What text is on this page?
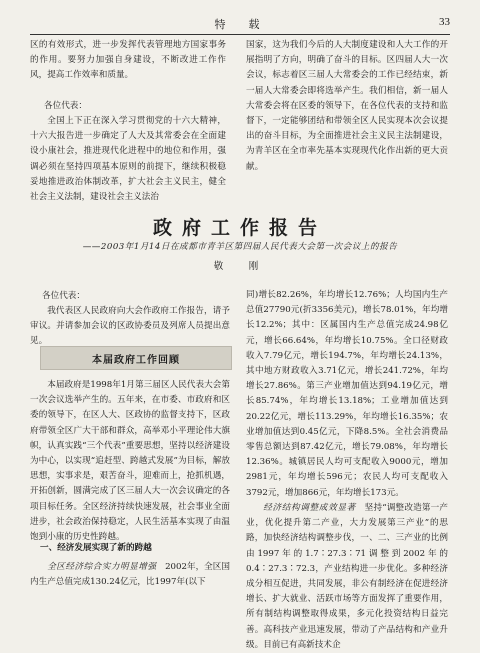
特　载	33

区的有效形式，进一步发挥代表管理地方国家事务的作用。要努力加强自身建设，不断改进工作作风，提高工作效率和质量。

各位代表：

全国上下正在深入学习贯彻党的十六大精神，十六大报告进一步确定了人大及其常委会在全面建设小康社会，推进现代化进程中的地位和作用，强调必须在坚持四项基本原则的前提下，继续积极稳妥地推进政治体制改革，扩大社会主义民主，健全社会主义法制，建设社会主义法治

国家，这为我们今后的人大制度建设和人大工作的开展指明了方向，明确了奋斗的目标。区四届人大一次会议，标志着区三届人大常委会的工作已经结束，新一届人大常委会即将选举产生。我们相信，新一届人大常委会将在区委的领导下，在各位代表的支持和监督下，一定能够团结和带领全区人民实现本次会议提出的奋斗目标，为全面推进社会主义民主法制建设，为青羊区在全市率先基本实现现代化作出新的更大贡献。

政府工作报告
——2003年1月14日在成都市青羊区第四届人民代表大会第一次会议上的报告
敬　刚
各位代表：

我代表区人民政府向大会作政府工作报告，请予审议。并请参加会议的区政协委员及列席人员提出意见。

本届政府工作回顾

本届政府是1998年1月第三届区人民代表大会第一次会议选举产生的。五年来，在市委、市政府和区委的领导下，在区人大、区政协的监督支持下，区政府带领全区广大干部和群众，高举邓小平理论伟大旗帜，认真实践“三个代表”重要思想，坚持以经济建设为中心，以实现“追赶型、跨越式发展”为目标，解放思想，实事求是，艰苦奋斗，迎难而上，抢抓机遇，开拓创新，圆满完成了区三届人大一次会议确定的各项目标任务。全区经济持续快速发展，社会事业全面进步，社会政治保持稳定，人民生活基本实现了由温饱到小康的历史性跨越。

一、经济发展实现了新的跨越

全区经济综合实力明显增强　 2002年，全区国内生产总值完成130.24亿元，比1997年(以下

同)增长82.26%，年均增长12.76%；人均国内生产总值27790元(折3356美元)，增长78.01%，年均增长12.2%；其中：区属国内生产总值完成24.98亿元，增长66.64%，年均增长10.75%。全口径财政收入7.79亿元，增长194.7%，年均增长24.13%，其中地方财政收入3.71亿元，增长241.72%，年均增长27.86%。第三产业增加值达到94.19亿元，增长85.74%，年均增长13.18%；工业增加值达到20.22亿元，增长113.29%，年均增长16.35%；农业增加值达到0.45亿元，下降8.5%。全社会消费品零售总额达到87.42亿元，增长79.08%，年均增长12.36%。城镇居民人均可支配收入9000元，增加2981元，年均增长596元；农民人均可支配收入3792元，增加866元，年均增长173元。

经济结构调整成效显著　 坚持“调整改造第一产业，优化提升第二产业，大力发展第三产业”的思路，加快经济结构调整步伐，一、二、三产业的比例由1997年的1.7∶27.3∶71调整到2002年的0.4∶27.3∶72.3，产业结构进一步优化。多种经济成分相互促进，共同发展，非公有制经济在促进经济增长、扩大就业、活跃市场等方面发挥了重要作用，所有制结构调整取得成果，多元化投资结构日益完善。高科技产业迅速发展，带动了产品结构和产业升级。目前已有高新技术企
